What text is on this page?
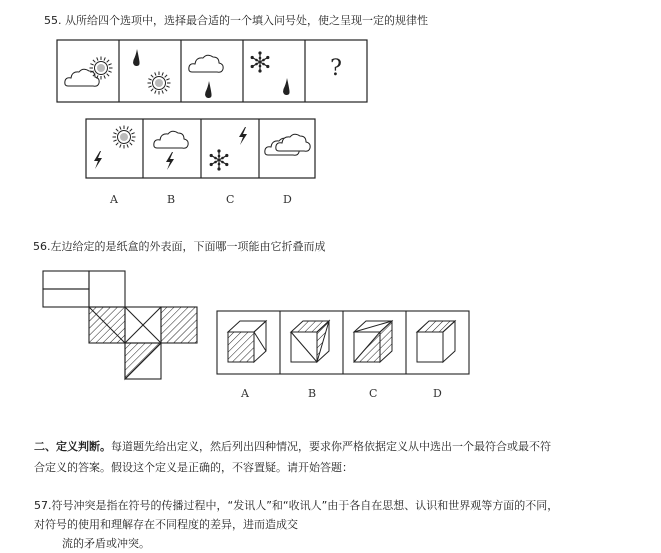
55. 从所给四个选项中，选择最合适的一个填入问号处，使之呈现一定的规律性
?
A	B	C	D
56.左边给定的是纸盒的外表面，下面哪一项能由它折叠而成
A	B	C	D
二、定义判断。每道题先给出定义，然后列出四种情况，要求你严格依据定义从中选出一个最符合或最不符
合定义的答案。假设这个定义是正确的，不容置疑。请开始答题：
57.符号冲突是指在符号的传播过程中，“发讯人”和“收讯人”由于各自在思想、认识和世界观等方面的不同，
对符号的使用和理解存在不同程度的差异，进而造成交
流的矛盾或冲突。
